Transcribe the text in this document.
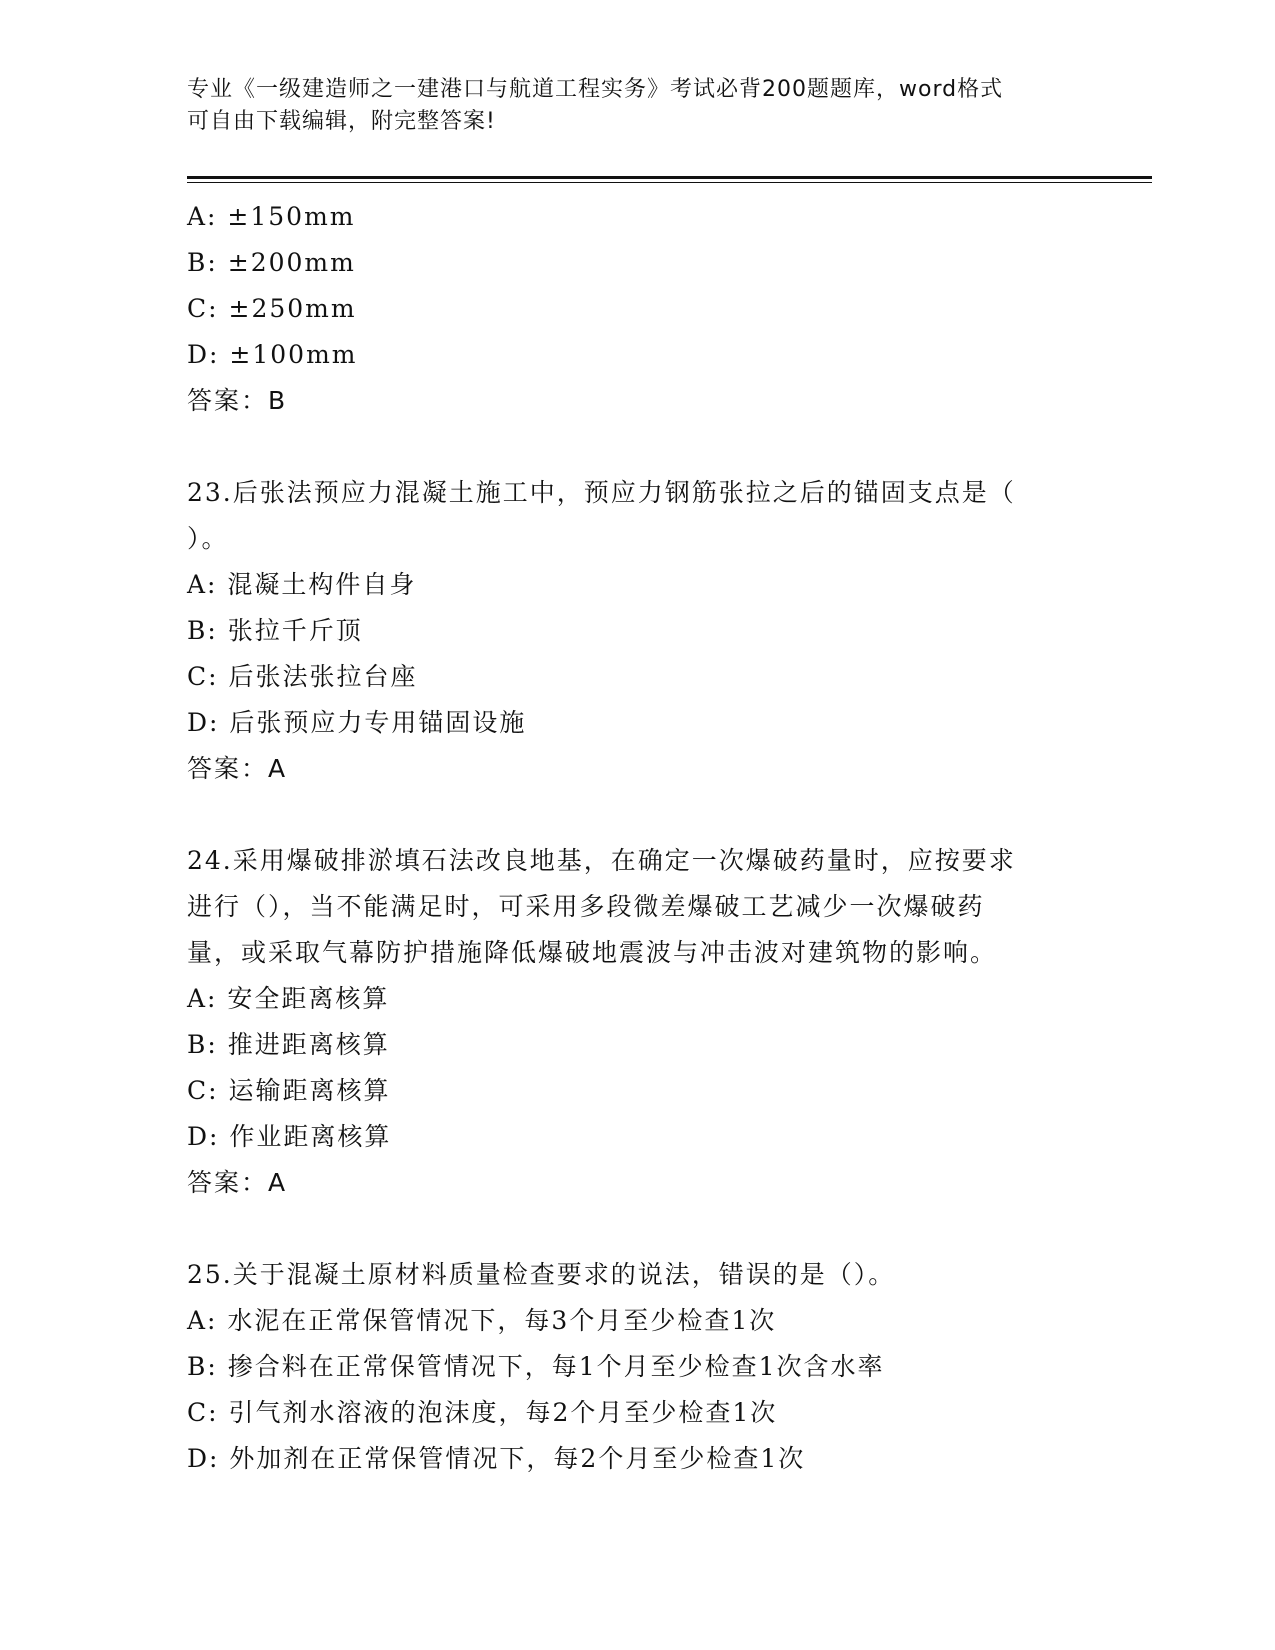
专业《一级建造师之一建港口与航道工程实务》考试必背200题题库，word格式
可自由下载编辑，附完整答案!
A: ±150mm
B: ±200mm
C: ±250mm
D: ±100mm
答案：B
23.后张法预应力混凝土施工中，预应力钢筋张拉之后的锚固支点是（
）。
A: 混凝土构件自身
B: 张拉千斤顶
C: 后张法张拉台座
D: 后张预应力专用锚固设施
答案：A
24.采用爆破排淤填石法改良地基，在确定一次爆破药量时，应按要求
进行（），当不能满足时，可采用多段微差爆破工艺减少一次爆破药
量，或采取气幕防护措施降低爆破地震波与冲击波对建筑物的影响。
A: 安全距离核算
B: 推进距离核算
C: 运输距离核算
D: 作业距离核算
答案：A
25.关于混凝土原材料质量检查要求的说法，错误的是（）。
A: 水泥在正常保管情况下，每3个月至少检查1次
B: 掺合料在正常保管情况下，每1个月至少检查1次含水率
C: 引气剂水溶液的泡沫度，每2个月至少检查1次
D: 外加剂在正常保管情况下，每2个月至少检查1次
